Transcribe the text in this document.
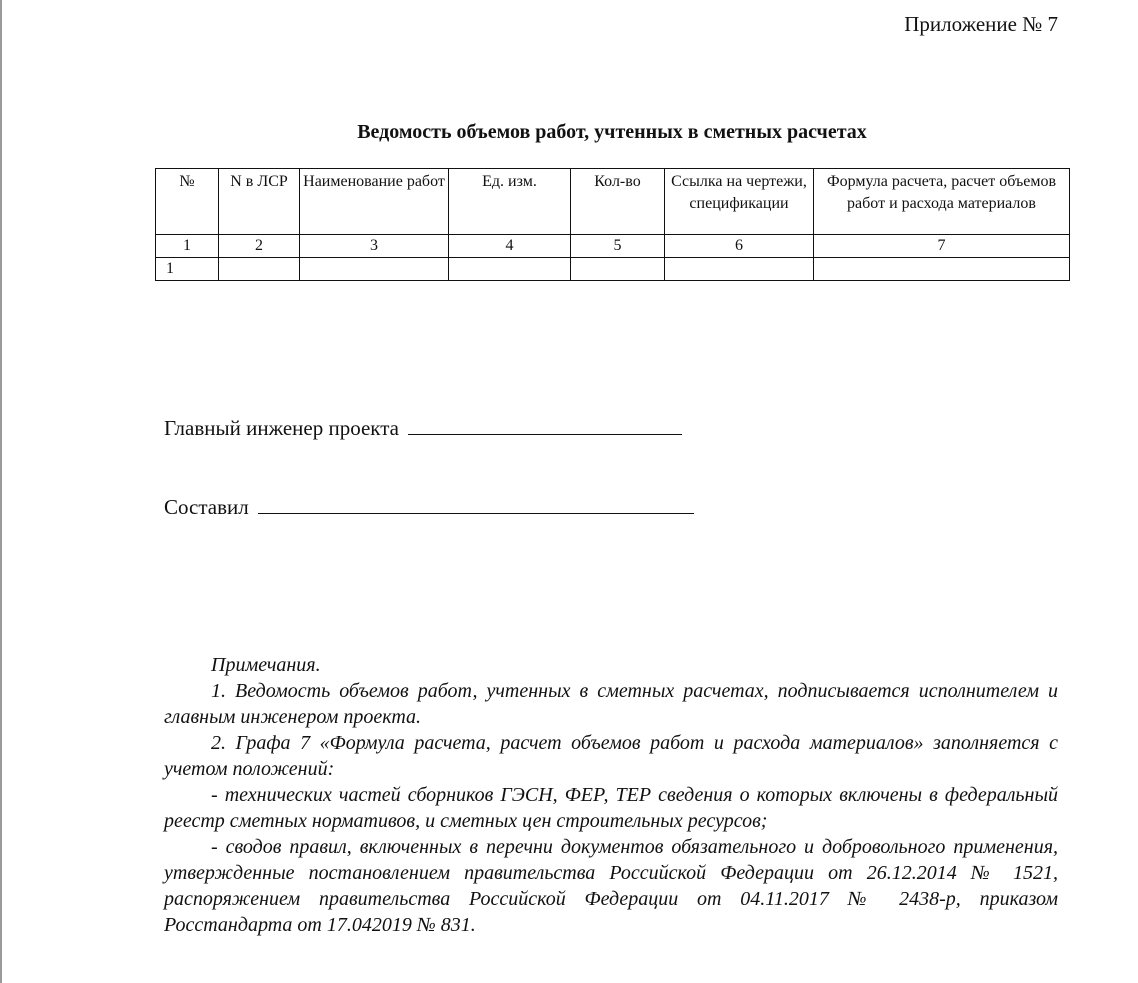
Приложение № 7
Ведомость объемов работ, учтенных в сметных расчетах
№	N в ЛСР	Наименование работ	Ед. изм.	Кол-во	Ссылка на чертежи, спецификации	Формула расчета, расчет объемов работ и расхода материалов
1	2	3	4	5	6	7
1						
Главный инженер проекта
Составил

Примечания.

1. Ведомость объемов работ, учтенных в сметных расчетах, подписывается исполнителем и главным инженером проекта.

2. Графа 7 «Формула расчета, расчет объемов работ и расхода материалов» заполняется с учетом положений:

- технических частей сборников ГЭСН, ФЕР, ТЕР сведения о которых включены в федеральный реестр сметных нормативов, и сметных цен строительных ресурсов;

- сводов правил, включенных в перечни документов обязательного и добровольного применения, утвержденные постановлением правительства Российской Федерации от 26.12.2014 № 1521, распоряжением правительства Российской Федерации от 04.11.2017 № 2438-р, приказом Росстандарта от 17.042019 № 831.
